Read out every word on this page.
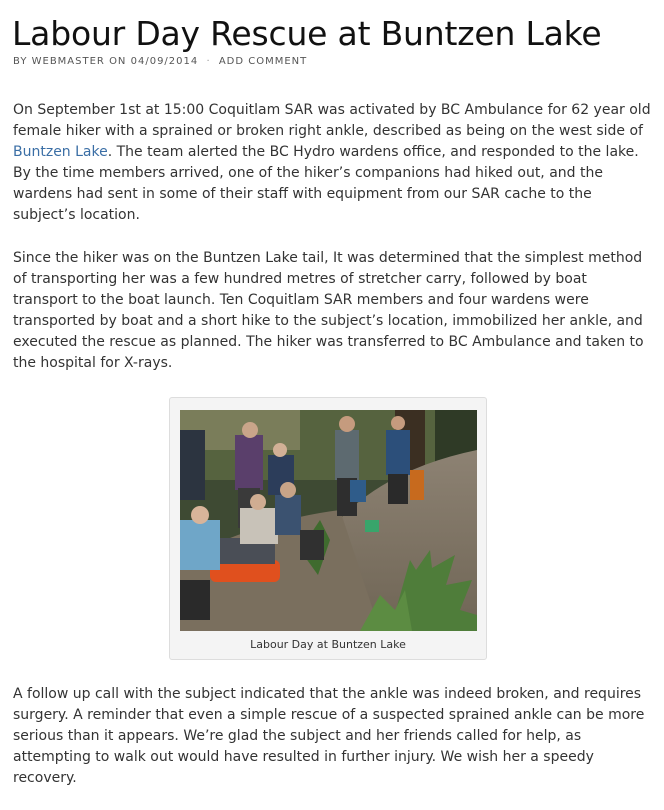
Labour Day Rescue at Buntzen Lake
BY WEBMASTER ON 04/09/2014 · ADD COMMENT

On September 1st at 15:00 Coquitlam SAR was activated by BC Ambulance for 62 year old female hiker with a sprained or broken right ankle, described as being on the west side of Buntzen Lake. The team alerted the BC Hydro wardens office, and responded to the lake. By the time members arrived, one of the hiker’s companions had hiked out, and the wardens had sent in some of their staff with equipment from our SAR cache to the subject’s location.

Since the hiker was on the Buntzen Lake tail, It was determined that the simplest method of transporting her was a few hundred metres of stretcher carry, followed by boat transport to the boat launch. Ten Coquitlam SAR members and four wardens were transported by boat and a short hike to the subject’s location, immobilized her ankle, and executed the rescue as planned. The hiker was transferred to BC Ambulance and taken to the hospital for X-rays.

Labour Day at Buntzen Lake

A follow up call with the subject indicated that the ankle was indeed broken, and requires surgery. A reminder that even a simple rescue of a suspected sprained ankle can be more serious than it appears. We’re glad the subject and her friends called for help, as attempting to walk out would have resulted in further injury. We wish her a speedy recovery.
